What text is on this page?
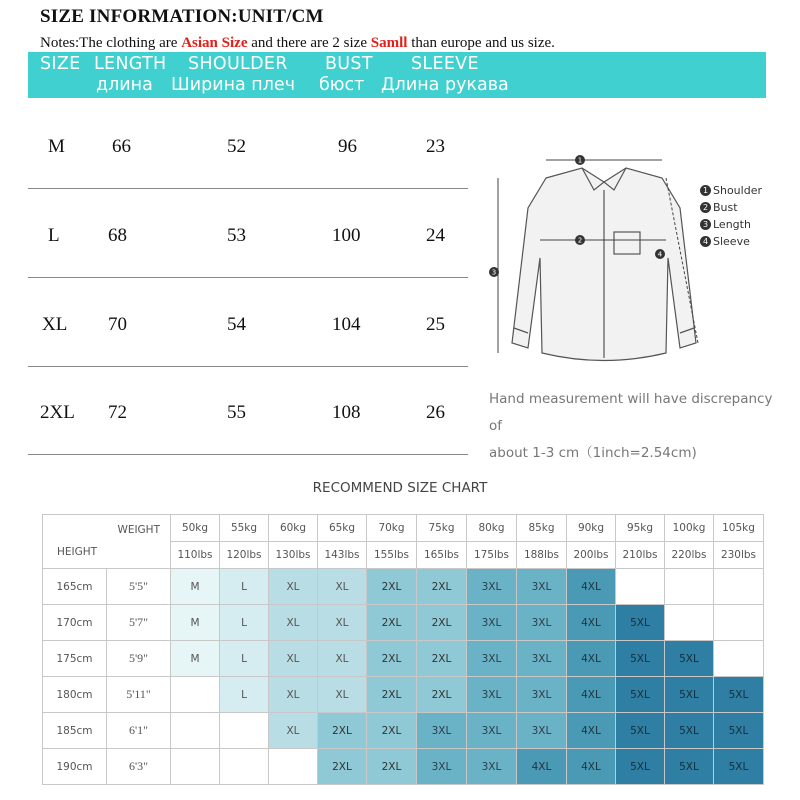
SIZE INFORMATION:UNIT/CM
Notes:The clothing are Asian Size and there are 2 size Samll than europe and us size.
SIZE LENGTH SHOULDER BUST SLEEVE
длина Ширина плеч бюст Длина рукава
M 66	52	96	23
L	68	53	100	24
XL 70	54	104	25
2XL 72	55	108	26
1
2
3
4
1 Shoulder
2 Bust
3 Length
4 Sleeve
Hand measurement will have discrepancy of
about 1-3 cm（1inch=2.54cm)
RECOMMEND SIZE CHART
WEIGHT
HEIGHT		50kg	55kg	60kg	65kg	70kg	75kg	80kg	85kg	90kg	95kg	100kg	105kg
		110lbs	120lbs	130lbs	143lbs	155lbs	165lbs	175lbs	188lbs	200lbs	210lbs	220lbs	230lbs
165cm	5'5"	M	L	XL	XL	2XL	2XL	3XL	3XL	4XL			
170cm	5'7"	M	L	XL	XL	2XL	2XL	3XL	3XL	4XL	5XL		
175cm	5'9"	M	L	XL	XL	2XL	2XL	3XL	3XL	4XL	5XL	5XL	
180cm	5'11"		L	XL	XL	2XL	2XL	3XL	3XL	4XL	5XL	5XL	5XL
185cm	6'1"			XL	2XL	2XL	3XL	3XL	3XL	4XL	5XL	5XL	5XL
190cm	6'3"				2XL	2XL	3XL	3XL	4XL	4XL	5XL	5XL	5XL
